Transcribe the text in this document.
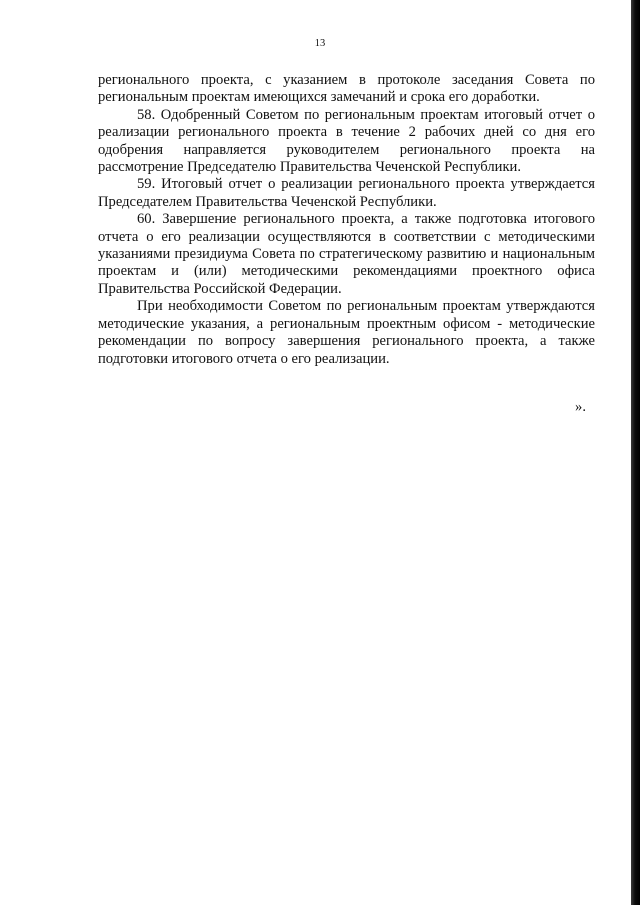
13

регионального проекта, с указанием в протоколе заседания Совета по региональным проектам имеющихся замечаний и срока его доработки.

58. Одобренный Советом по региональным проектам итоговый отчет о реализации регионального проекта в течение 2 рабочих дней со дня его одобрения направляется руководителем регионального проекта на рассмотрение Председателю Правительства Чеченской Республики.

59. Итоговый отчет о реализации регионального проекта утверждается Председателем Правительства Чеченской Республики.

60. Завершение регионального проекта, а также подготовка итогового отчета о его реализации осуществляются в соответствии с методическими указаниями президиума Совета по стратегическому развитию и национальным проектам и (или) методическими рекомендациями проектного офиса Правительства Российской Федерации.

При необходимости Советом по региональным проектам утверждаются методические указания, а региональным проектным офисом - методические рекомендации по вопросу завершения регионального проекта, а также подготовки итогового отчета о его реализации.

».
